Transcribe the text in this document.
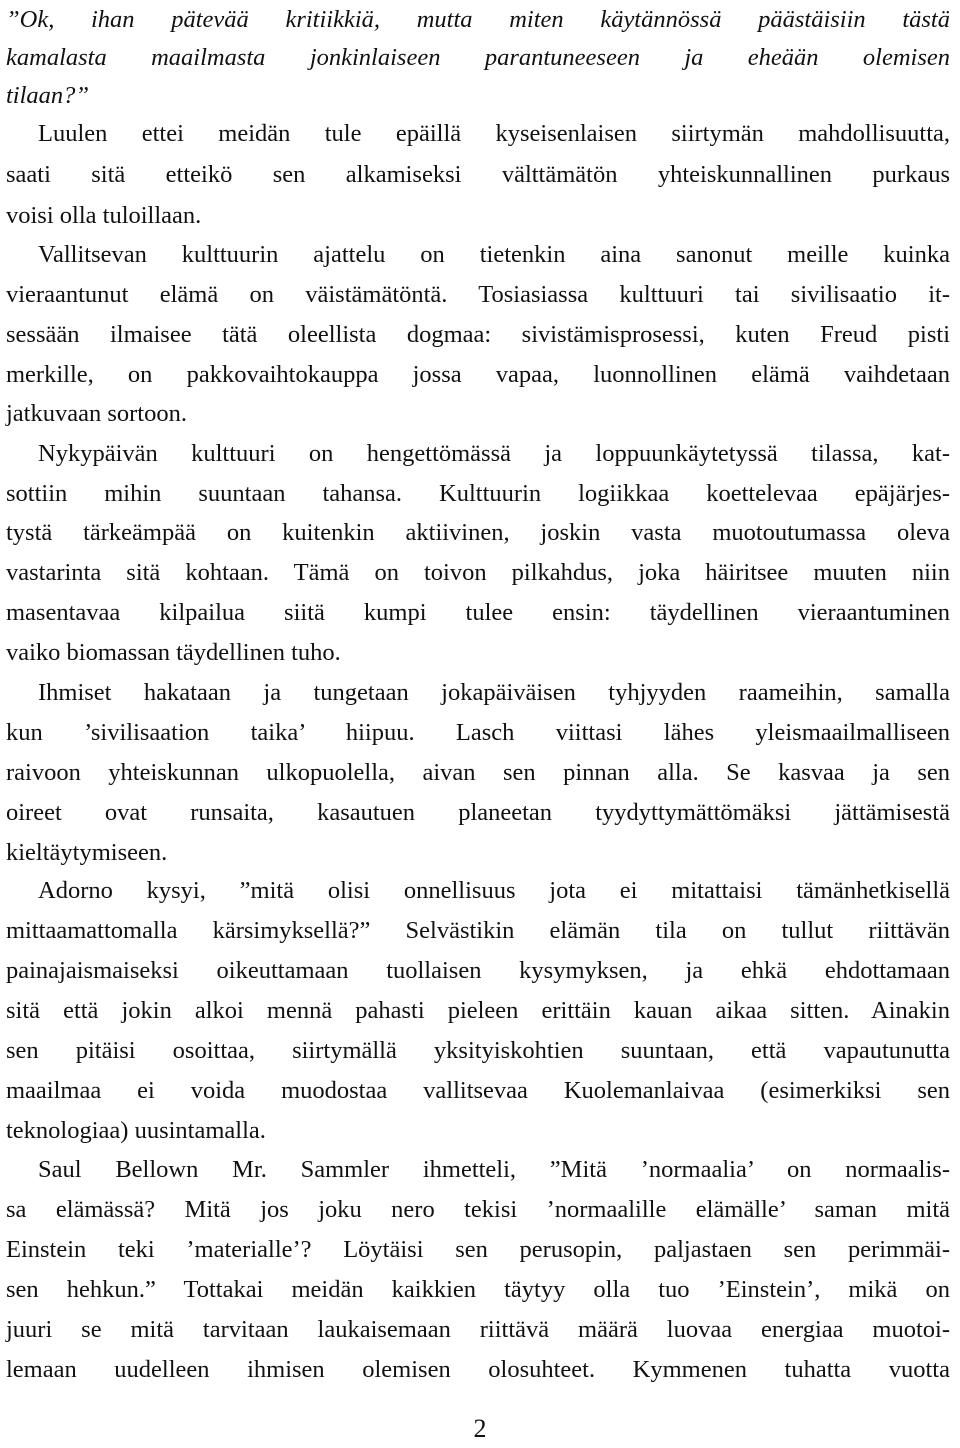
”Ok, ihan pätevää kritiikkiä, mutta miten käytännössä päästäisiin tästä
kamalasta maailmasta jonkinlaiseen parantuneeseen ja eheään olemisen
tilaan?”
Luulen ettei meidän tule epäillä kyseisenlaisen siirtymän mahdollisuutta,
saati sitä etteikö sen alkamiseksi välttämätön yhteiskunnallinen purkaus
voisi olla tuloillaan.
Vallitsevan kulttuurin ajattelu on tietenkin aina sanonut meille kuinka
vieraantunut elämä on väistämätöntä. Tosiasiassa kulttuuri tai sivilisaatio it-
sessään ilmaisee tätä oleellista dogmaa: sivistämisprosessi, kuten Freud pisti
merkille, on pakkovaihtokauppa jossa vapaa, luonnollinen elämä vaihdetaan
jatkuvaan sortoon.
Nykypäivän kulttuuri on hengettömässä ja loppuunkäytetyssä tilassa, kat-
sottiin mihin suuntaan tahansa. Kulttuurin logiikkaa koettelevaa epäjärjes-
tystä tärkeämpää on kuitenkin aktiivinen, joskin vasta muotoutumassa oleva
vastarinta sitä kohtaan. Tämä on toivon pilkahdus, joka häiritsee muuten niin
masentavaa kilpailua siitä kumpi tulee ensin: täydellinen vieraantuminen
vaiko biomassan täydellinen tuho.
Ihmiset hakataan ja tungetaan jokapäiväisen tyhjyyden raameihin, samalla
kun ’sivilisaation taika’ hiipuu. Lasch viittasi lähes yleismaailmalliseen
raivoon yhteiskunnan ulkopuolella, aivan sen pinnan alla. Se kasvaa ja sen
oireet ovat runsaita, kasautuen planeetan tyydyttymättömäksi jättämisestä
kieltäytymiseen.
Adorno kysyi, ”mitä olisi onnellisuus jota ei mitattaisi tämänhetkisellä
mittaamattomalla kärsimyksellä?” Selvästikin elämän tila on tullut riittävän
painajaismaiseksi oikeuttamaan tuollaisen kysymyksen, ja ehkä ehdottamaan
sitä että jokin alkoi mennä pahasti pieleen erittäin kauan aikaa sitten. Ainakin
sen pitäisi osoittaa, siirtymällä yksityiskohtien suuntaan, että vapautunutta
maailmaa ei voida muodostaa vallitsevaa Kuolemanlaivaa (esimerkiksi sen
teknologiaa) uusintamalla.
Saul Bellown Mr. Sammler ihmetteli, ”Mitä ’normaalia’ on normaalis-
sa elämässä? Mitä jos joku nero tekisi ’normaalille elämälle’ saman mitä
Einstein teki ’materialle’? Löytäisi sen perusopin, paljastaen sen perimmäi-
sen hehkun.” Tottakai meidän kaikkien täytyy olla tuo ’Einstein’, mikä on
juuri se mitä tarvitaan laukaisemaan riittävä määrä luovaa energiaa muotoi-
lemaan uudelleen ihmisen olemisen olosuhteet. Kymmenen tuhatta vuotta
2
